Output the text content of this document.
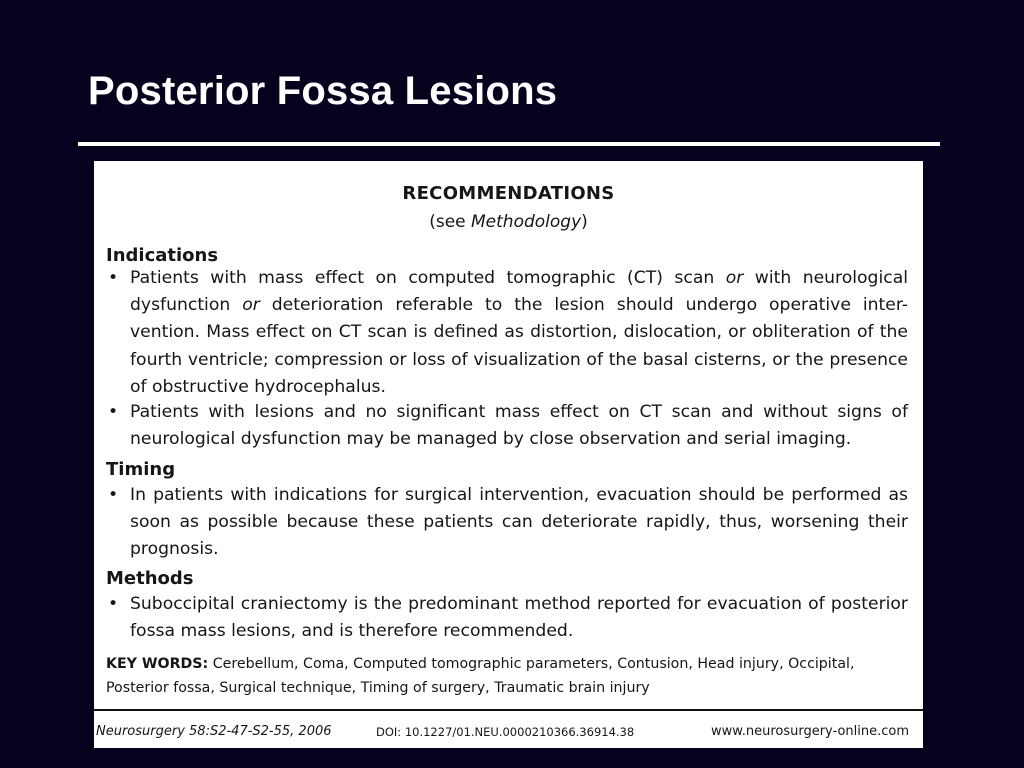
Posterior Fossa Lesions
RECOMMENDATIONS
(see Methodology)
Indications
• Patients with mass effect on computed tomographic (CT) scan or with neurological dysfunction or deterioration referable to the lesion should undergo operative inter-vention. Mass effect on CT scan is defined as distortion, dislocation, or obliteration of the fourth ventricle; compression or loss of visualization of the basal cisterns, or the presence of obstructive hydrocephalus.
• Patients with lesions and no significant mass effect on CT scan and without signs of neurological dysfunction may be managed by close observation and serial imaging.
Timing
• In patients with indications for surgical intervention, evacuation should be performed as soon as possible because these patients can deteriorate rapidly, thus, worsening their prognosis.
Methods
• Suboccipital craniectomy is the predominant method reported for evacuation of posterior fossa mass lesions, and is therefore recommended.
KEY WORDS: Cerebellum, Coma, Computed tomographic parameters, Contusion, Head injury, Occipital, Posterior fossa, Surgical technique, Timing of surgery, Traumatic brain injury
Neurosurgery 58:S2-47-S2-55, 2006	DOI: 10.1227/01.NEU.0000210366.36914.38	www.neurosurgery-online.com
